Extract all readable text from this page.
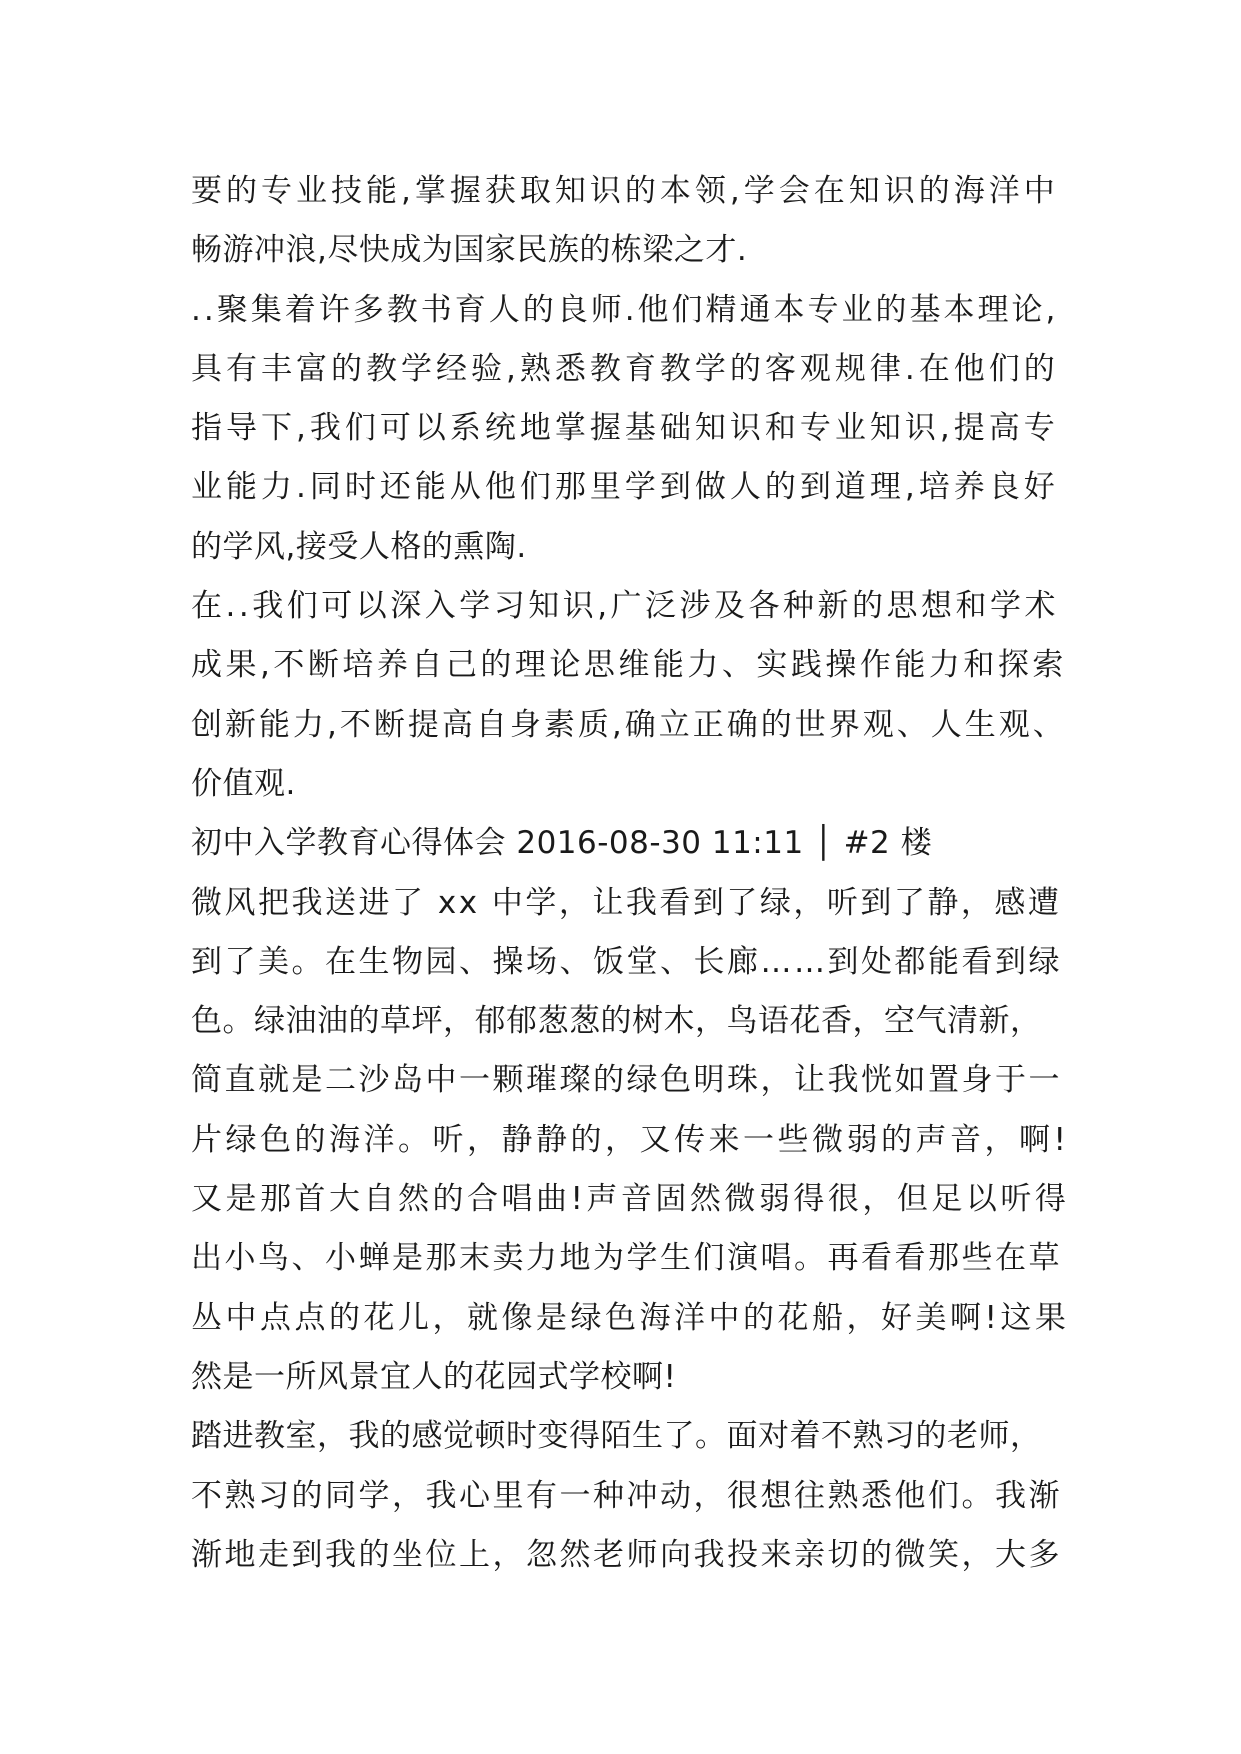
要的专业技能,掌握获取知识的本领,学会在知识的海洋中
畅游冲浪,尽快成为国家民族的栋梁之才.
..聚集着许多教书育人的良师.他们精通本专业的基本理论,
具有丰富的教学经验,熟悉教育教学的客观规律.在他们的
指导下,我们可以系统地掌握基础知识和专业知识,提高专
业能力.同时还能从他们那里学到做人的到道理,培养良好
的学风,接受人格的熏陶.
在..我们可以深入学习知识,广泛涉及各种新的思想和学术
成果,不断培养自己的理论思维能力、实践操作能力和探索
创新能力,不断提高自身素质,确立正确的世界观、人生观、
价值观.
初中入学教育心得体会 2016-08-30 11:11 │ #2 楼
微风把我送进了 xx 中学，让我看到了绿，听到了静，感遭
到了美。在生物园、操场、饭堂、长廊……到处都能看到绿
色。绿油油的草坪，郁郁葱葱的树木，鸟语花香，空气清新，
简直就是二沙岛中一颗璀璨的绿色明珠，让我恍如置身于一
片绿色的海洋。听，静静的，又传来一些微弱的声音，啊!
又是那首大自然的合唱曲!声音固然微弱得很，但足以听得
出小鸟、小蝉是那末卖力地为学生们演唱。再看看那些在草
丛中点点的花儿，就像是绿色海洋中的花船，好美啊!这果
然是一所风景宜人的花园式学校啊!
踏进教室，我的感觉顿时变得陌生了。面对着不熟习的老师，
不熟习的同学，我心里有一种冲动，很想往熟悉他们。我渐
渐地走到我的坐位上，忽然老师向我投来亲切的微笑，大多
